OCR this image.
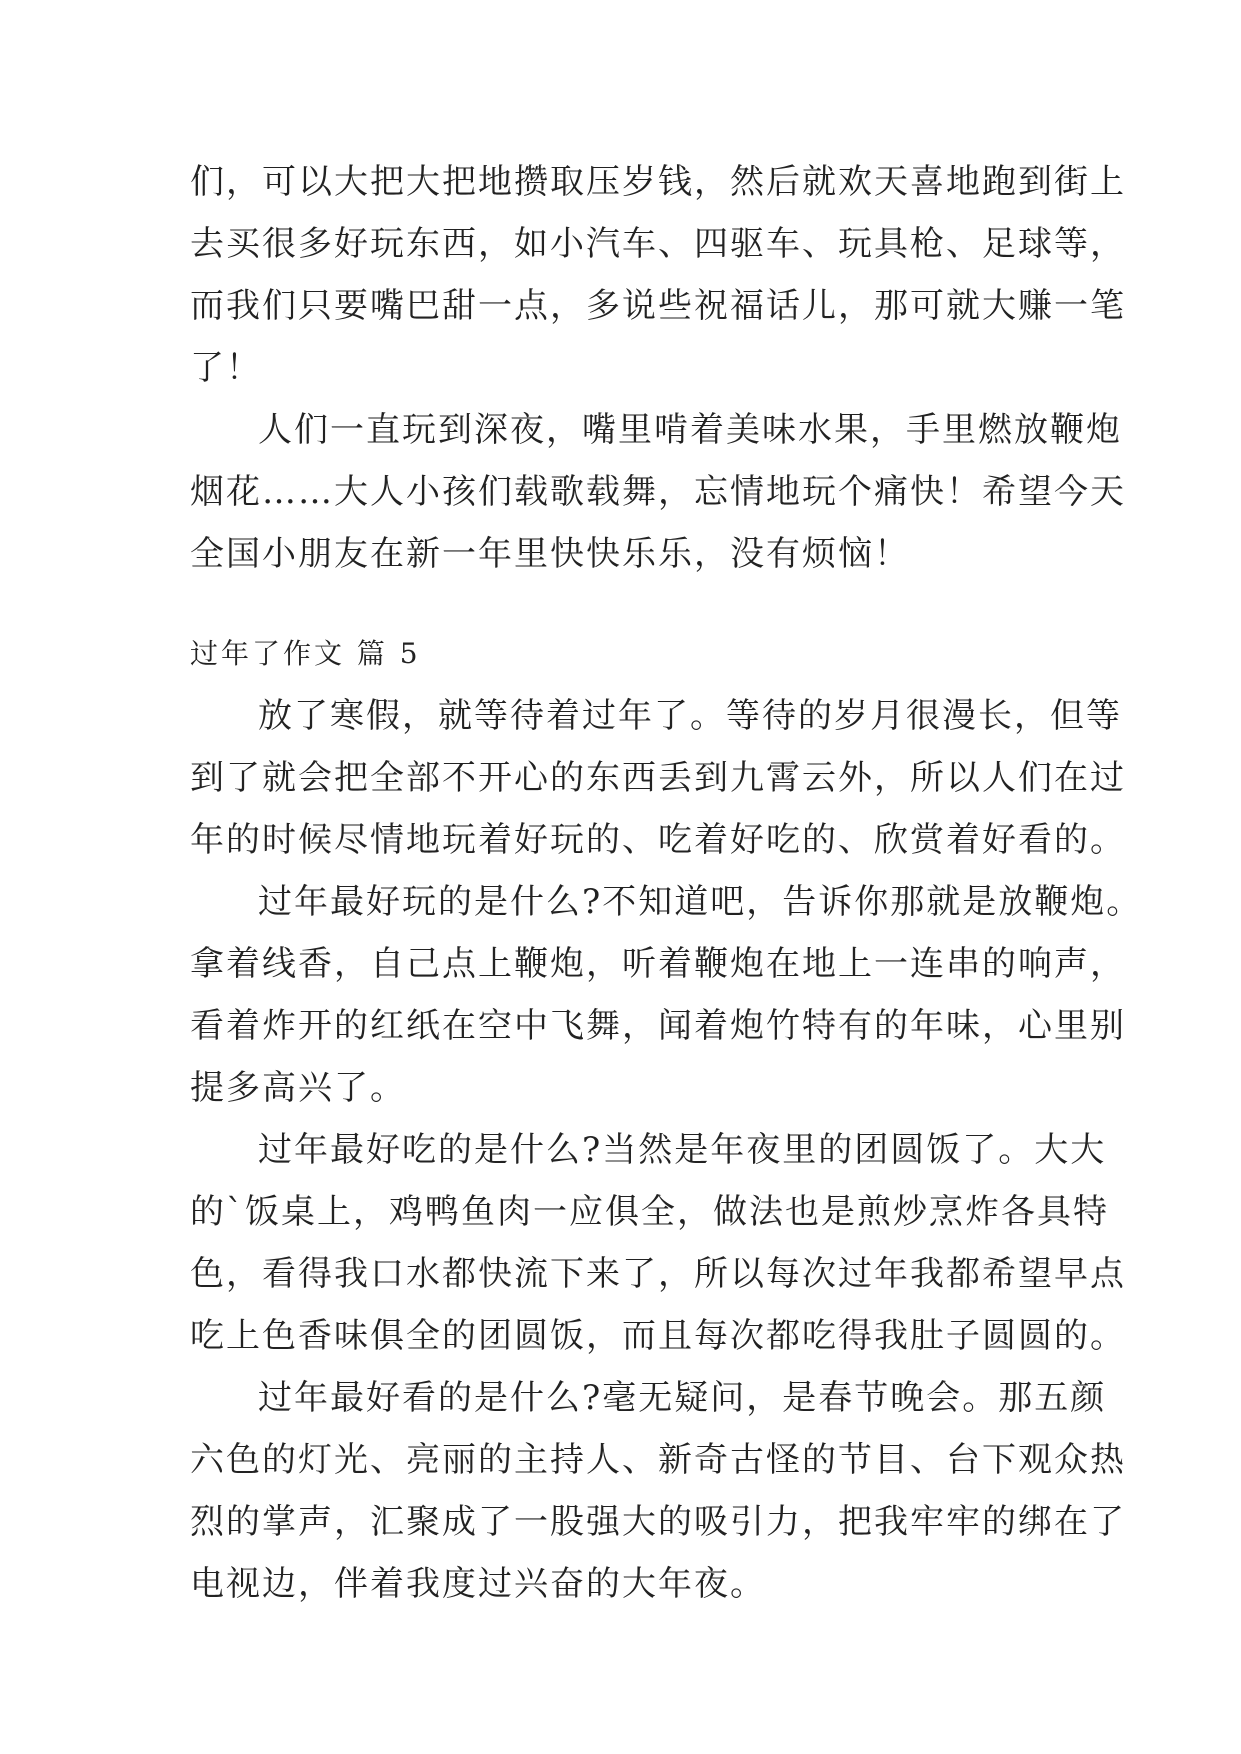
们，可以大把大把地攒取压岁钱，然后就欢天喜地跑到街上
去买很多好玩东西，如小汽车、四驱车、玩具枪、足球等，
而我们只要嘴巴甜一点，多说些祝福话儿，那可就大赚一笔
了！
人们一直玩到深夜，嘴里啃着美味水果，手里燃放鞭炮
烟花……大人小孩们载歌载舞，忘情地玩个痛快！希望今天
全国小朋友在新一年里快快乐乐，没有烦恼！
过年了作文 篇 5
放了寒假，就等待着过年了。等待的岁月很漫长，但等
到了就会把全部不开心的东西丢到九霄云外，所以人们在过
年的时候尽情地玩着好玩的、吃着好吃的、欣赏着好看的。
过年最好玩的是什么?不知道吧，告诉你那就是放鞭炮。
拿着线香，自己点上鞭炮，听着鞭炮在地上一连串的响声，
看着炸开的红纸在空中飞舞，闻着炮竹特有的年味，心里别
提多高兴了。
过年最好吃的是什么?当然是年夜里的团圆饭了。大大
的`饭桌上，鸡鸭鱼肉一应俱全，做法也是煎炒烹炸各具特
色，看得我口水都快流下来了，所以每次过年我都希望早点
吃上色香味俱全的团圆饭，而且每次都吃得我肚子圆圆的。
过年最好看的是什么?毫无疑问，是春节晚会。那五颜
六色的灯光、亮丽的主持人、新奇古怪的节目、台下观众热
烈的掌声，汇聚成了一股强大的吸引力，把我牢牢的绑在了
电视边，伴着我度过兴奋的大年夜。
